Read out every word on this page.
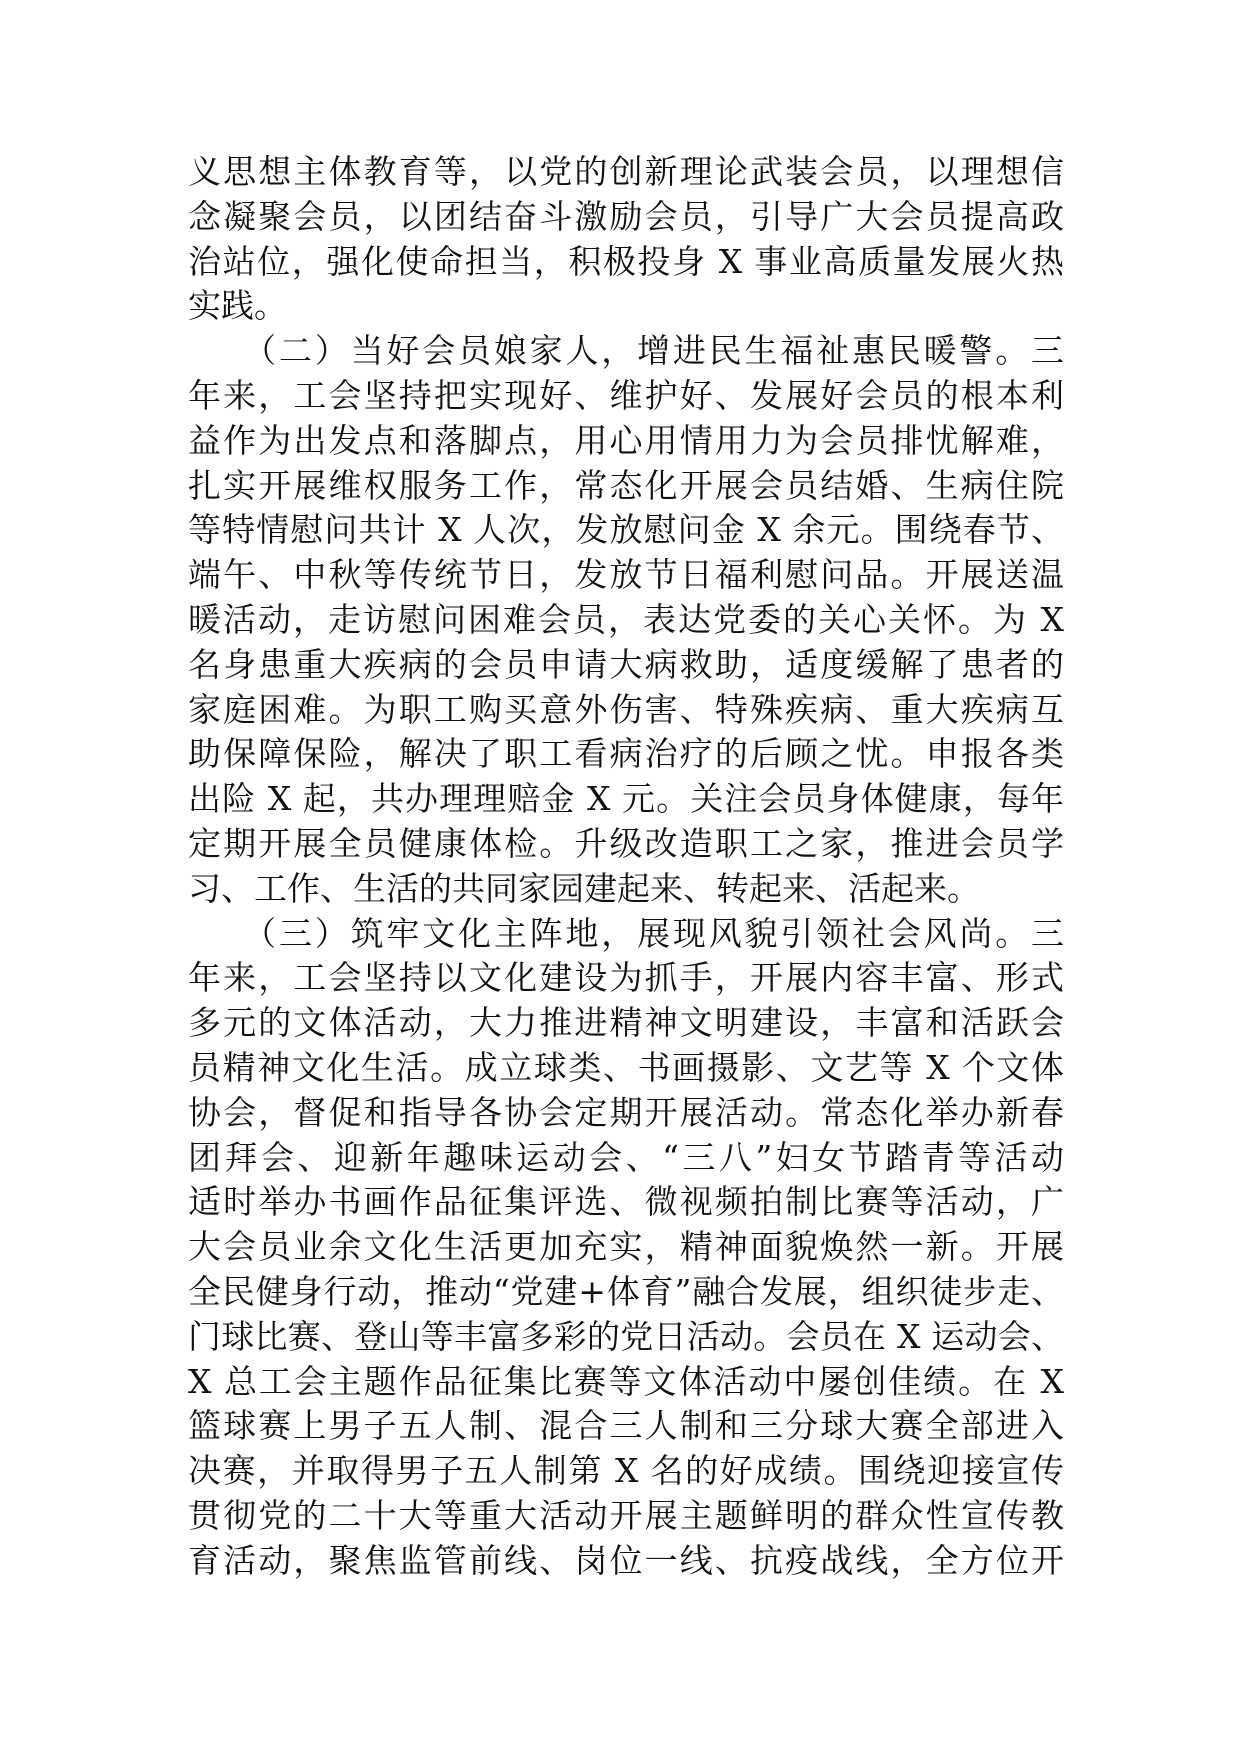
义思想主体教育等，以党的创新理论武装会员，以理想信
念凝聚会员，以团结奋斗激励会员，引导广大会员提高政
治站位，强化使命担当，积极投身 X 事业高质量发展火热
实践。
　　（二）当好会员娘家人，增进民生福祉惠民暖警。三
年来，工会坚持把实现好、维护好、发展好会员的根本利
益作为出发点和落脚点，用心用情用力为会员排忧解难，
扎实开展维权服务工作，常态化开展会员结婚、生病住院
等特情慰问共计 X 人次，发放慰问金 X 余元。围绕春节、
端午、中秋等传统节日，发放节日福利慰问品。开展送温
暖活动，走访慰问困难会员，表达党委的关心关怀。为 X
名身患重大疾病的会员申请大病救助，适度缓解了患者的
家庭困难。为职工购买意外伤害、特殊疾病、重大疾病互
助保障保险，解决了职工看病治疗的后顾之忧。申报各类
出险 X 起，共办理理赔金 X 元。关注会员身体健康，每年
定期开展全员健康体检。升级改造职工之家，推进会员学
习、工作、生活的共同家园建起来、转起来、活起来。
　　（三）筑牢文化主阵地，展现风貌引领社会风尚。三
年来，工会坚持以文化建设为抓手，开展内容丰富、形式
多元的文体活动，大力推进精神文明建设，丰富和活跃会
员精神文化生活。成立球类、书画摄影、文艺等 X 个文体
协会，督促和指导各协会定期开展活动。常态化举办新春
团拜会、迎新年趣味运动会、“三八”妇女节踏青等活动
适时举办书画作品征集评选、微视频拍制比赛等活动，广
大会员业余文化生活更加充实，精神面貌焕然一新。开展
全民健身行动，推动“党建+体育”融合发展，组织徒步走、
门球比赛、登山等丰富多彩的党日活动。会员在 X 运动会、
X 总工会主题作品征集比赛等文体活动中屡创佳绩。在 X
篮球赛上男子五人制、混合三人制和三分球大赛全部进入
决赛，并取得男子五人制第 X 名的好成绩。围绕迎接宣传
贯彻党的二十大等重大活动开展主题鲜明的群众性宣传教
育活动，聚焦监管前线、岗位一线、抗疫战线，全方位开
